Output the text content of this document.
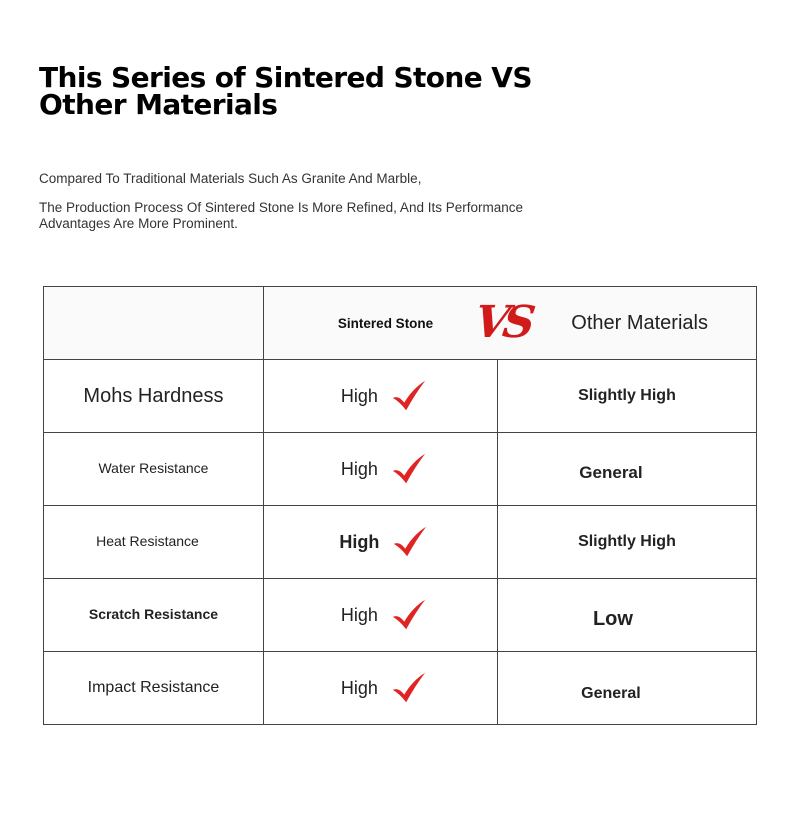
This Series of Sintered Stone VS
Other Materials
Compared To Traditional Materials Such As Granite And Marble,
The Production Process Of Sintered Stone Is More Refined, And Its Performance Advantages Are More Prominent.

	Sintered Stone VS Other Materials	

Mohs Hardness	High	Slightly High
Water Resistance	High	General
Heat Resistance	High	Slightly High
Scratch Resistance	High	Low
Impact Resistance	High	General
